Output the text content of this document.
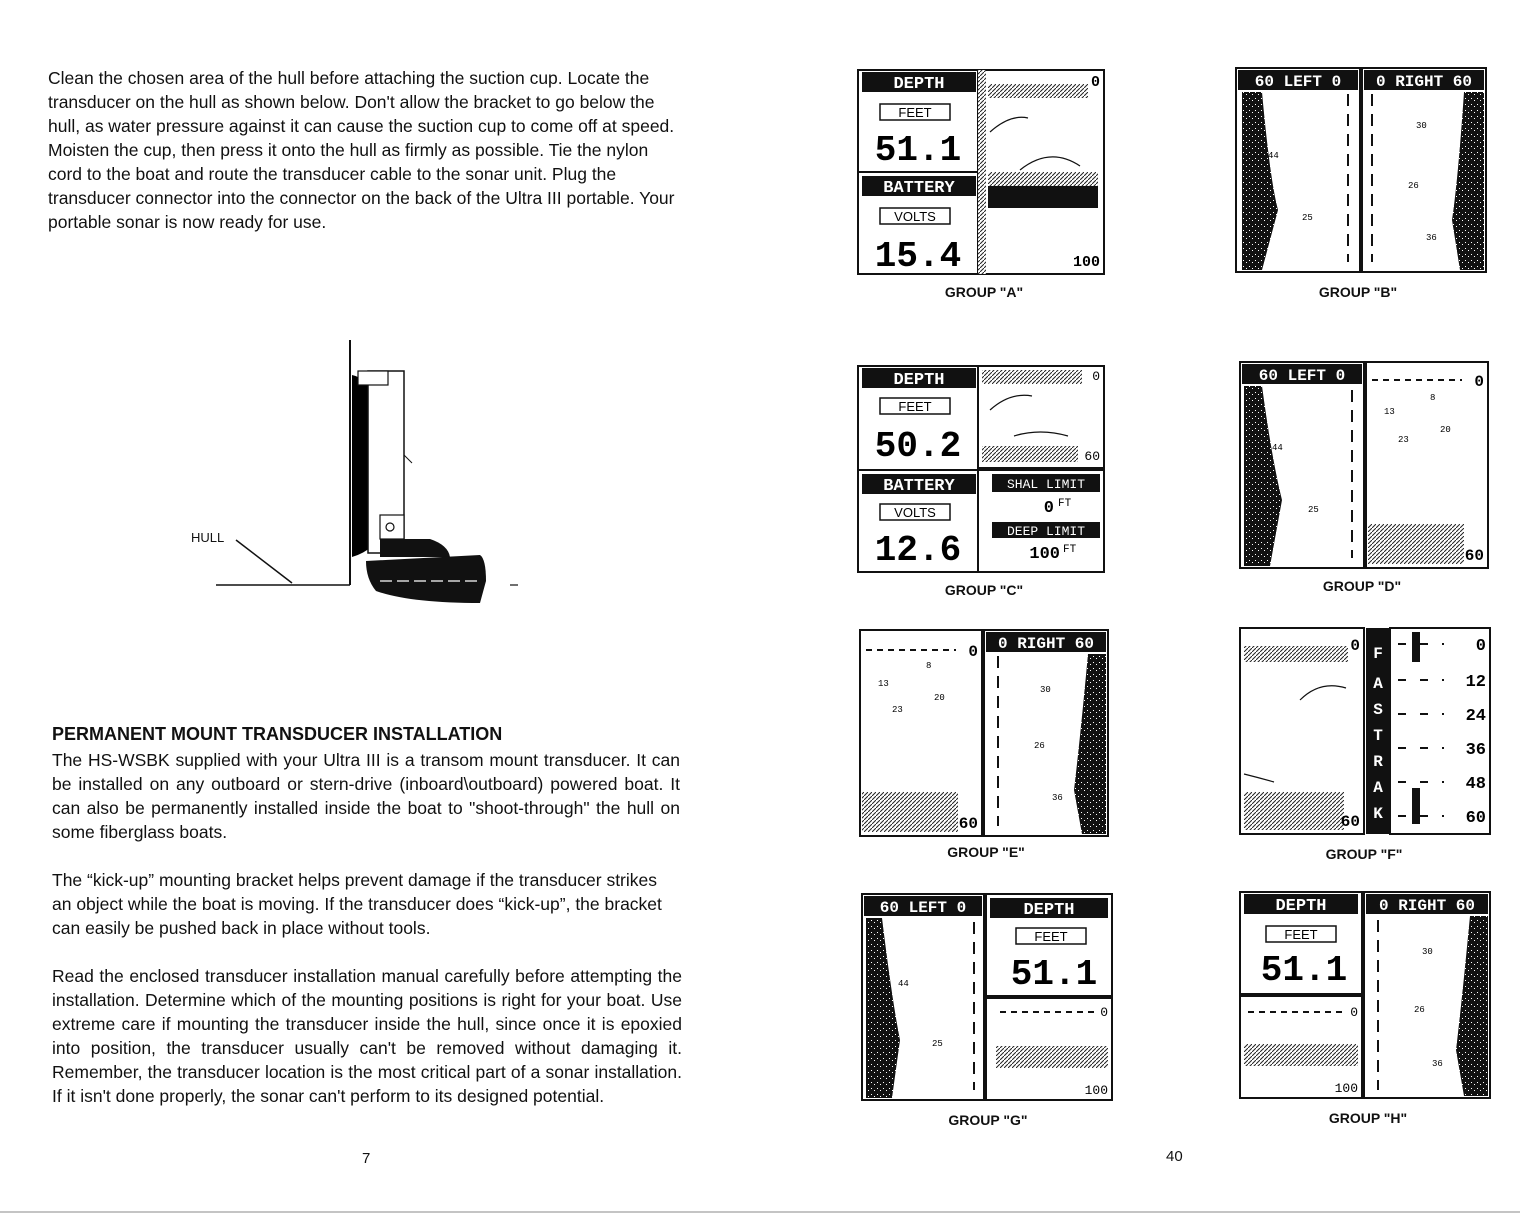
Clean the chosen area of the hull before attaching the suction cup. Locate the transducer on the hull as shown below. Don't allow the bracket to go below the hull, as water pressure against it can cause the suction cup to come off at speed. Moisten the cup, then press it onto the hull as firmly as possible. Tie the nylon cord to the boat and route the transducer cable to the sonar unit. Plug the transducer connector into the connector on the back of the Ultra III portable. Your portable sonar is now ready for use.

HULL
PERMANENT MOUNT TRANSDUCER INSTALLATION

The HS-WSBK supplied with your Ultra III is a transom mount transducer. It can be installed on any outboard or stern-drive (inboard\outboard) powered boat. It can also be permanently installed inside the boat to "shoot-through" the hull on some fiberglass boats.

The “kick-up” mounting bracket helps prevent damage if the transducer strikes an object while the boat is moving. If the transducer does “kick-up”, the bracket can easily be pushed back in place without tools.

Read the enclosed transducer installation manual carefully before attempting the installation. Determine which of the mounting positions is right for your boat. Use extreme care if mounting the transducer inside the hull, since once it is epoxied into position, the transducer usually can't be removed without damaging it. Remember, the transducer location is the most critical part of a sonar installation. If it isn't done properly, the sonar can't perform to its designed potential.

7
DEPTH
FEET
51.1
BATTERY
VOLTS
15.4
0
100
60 LEFT 0 0 RIGHT 60
44
25
30
26
36
DEPTH
FEET
50.2
BATTERY
VOLTS
12.6
0
60
SHAL LIMIT
0 FT
DEEP LIMIT
100 FT
60 LEFT 0
44
25
0
13
8
23
20
60
0
13
8
23
20
60
0 RIGHT 60
30
26
36
0
60
F
A
S
T
R
A
K
0
12
24
36
48
60
60 LEFT 0
44
25
DEPTH
FEET
51.1
0
100
DEPTH
FEET
51.1
0
100
0 RIGHT 60
30
26
36
GROUP "A"	GROUP "B"
GROUP "C"	GROUP "D"
GROUP "E"	GROUP "F"
GROUP "G"	GROUP "H"
40
